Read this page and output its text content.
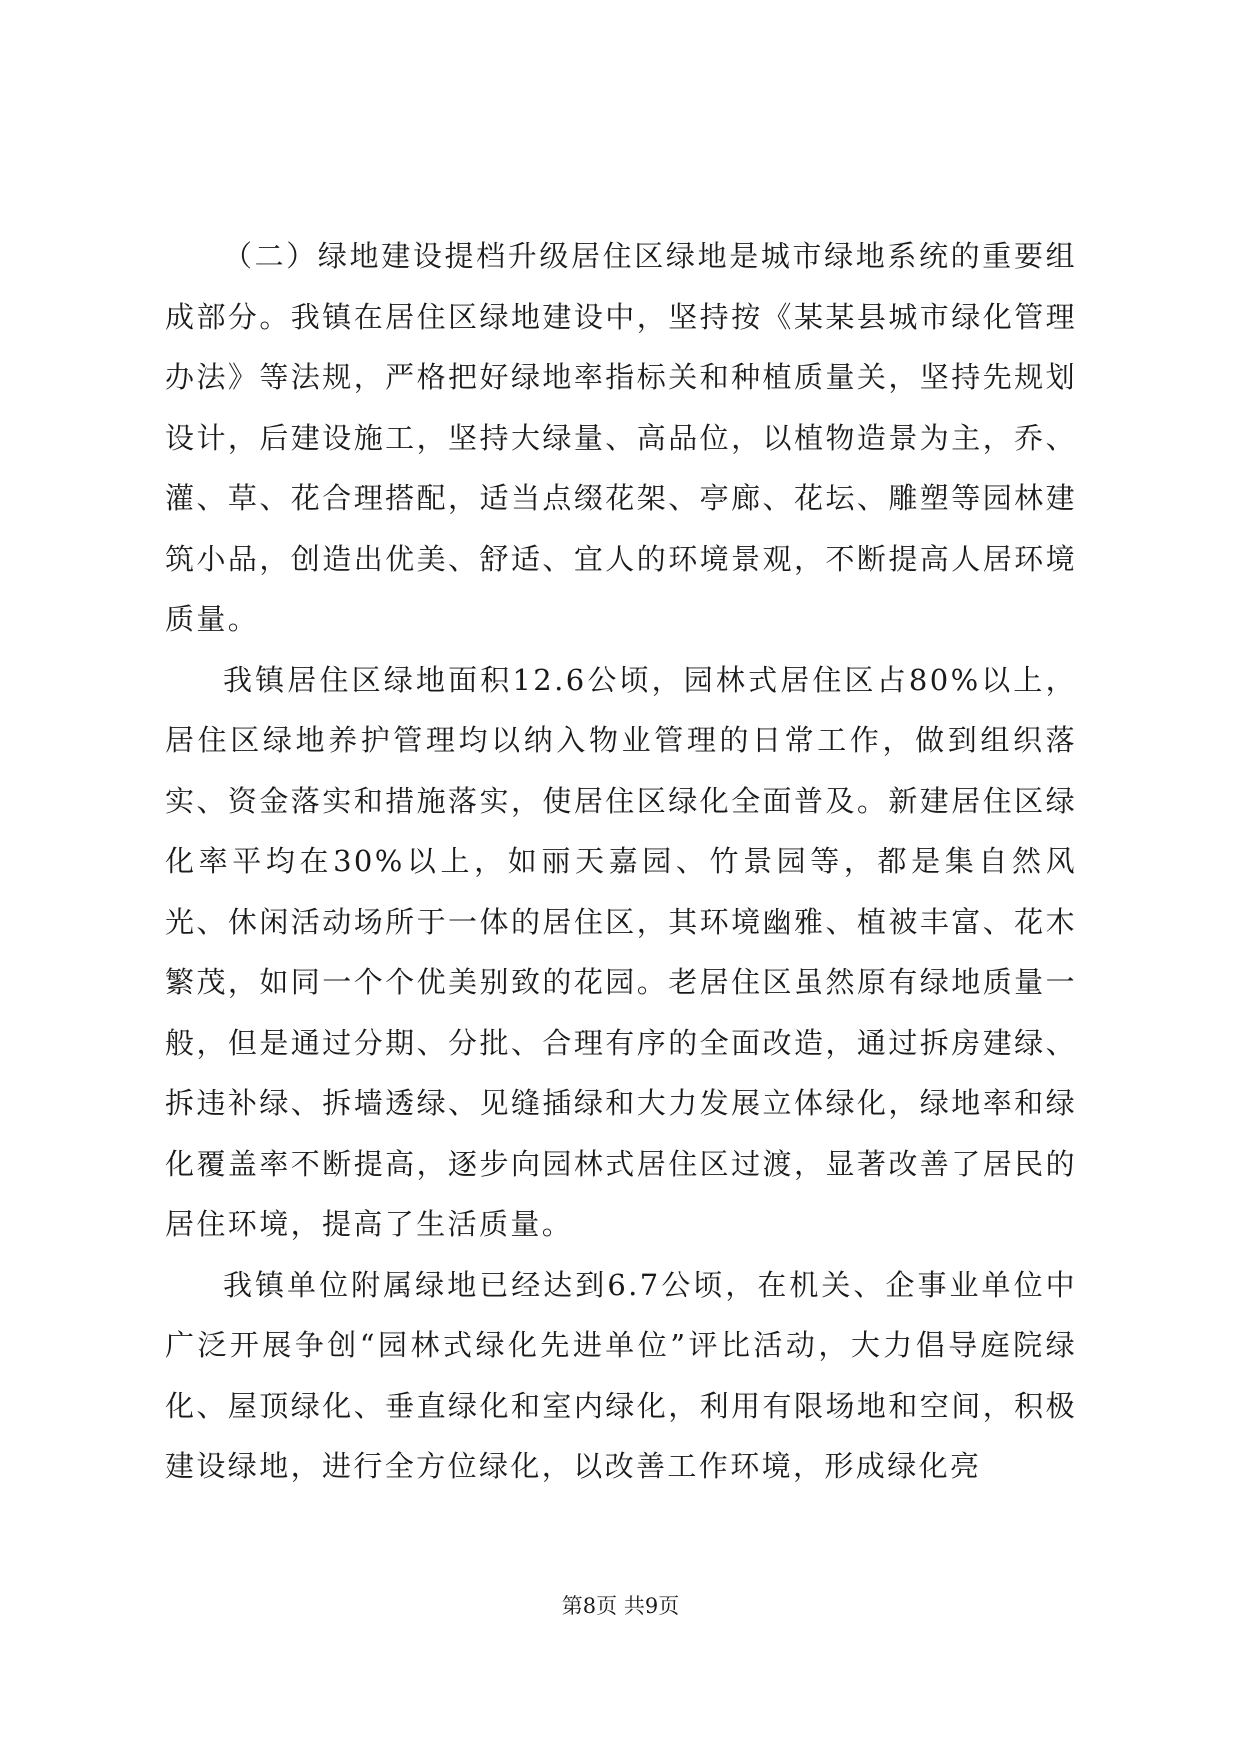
（二）绿地建设提档升级居住区绿地是城市绿地系统的重要组成部分。我镇在居住区绿地建设中，坚持按《某某县城市绿化管理办法》等法规，严格把好绿地率指标关和种植质量关，坚持先规划设计，后建设施工，坚持大绿量、高品位，以植物造景为主，乔、灌、草、花合理搭配，适当点缀花架、亭廊、花坛、雕塑等园林建筑小品，创造出优美、舒适、宜人的环境景观，不断提高人居环境质量。

我镇居住区绿地面积12.6公顷，园林式居住区占80%以上，居住区绿地养护管理均以纳入物业管理的日常工作，做到组织落实、资金落实和措施落实，使居住区绿化全面普及。新建居住区绿化率平均在30%以上，如丽天嘉园、竹景园等，都是集自然风光、休闲活动场所于一体的居住区，其环境幽雅、植被丰富、花木繁茂，如同一个个优美别致的花园。老居住区虽然原有绿地质量一般，但是通过分期、分批、合理有序的全面改造，通过拆房建绿、拆违补绿、拆墙透绿、见缝插绿和大力发展立体绿化，绿地率和绿化覆盖率不断提高，逐步向园林式居住区过渡，显著改善了居民的居住环境，提高了生活质量。

我镇单位附属绿地已经达到6.7公顷，在机关、企事业单位中广泛开展争创“园林式绿化先进单位”评比活动，大力倡导庭院绿化、屋顶绿化、垂直绿化和室内绿化，利用有限场地和空间，积极建设绿地，进行全方位绿化，以改善工作环境，形成绿化亮

第8页 共9页
